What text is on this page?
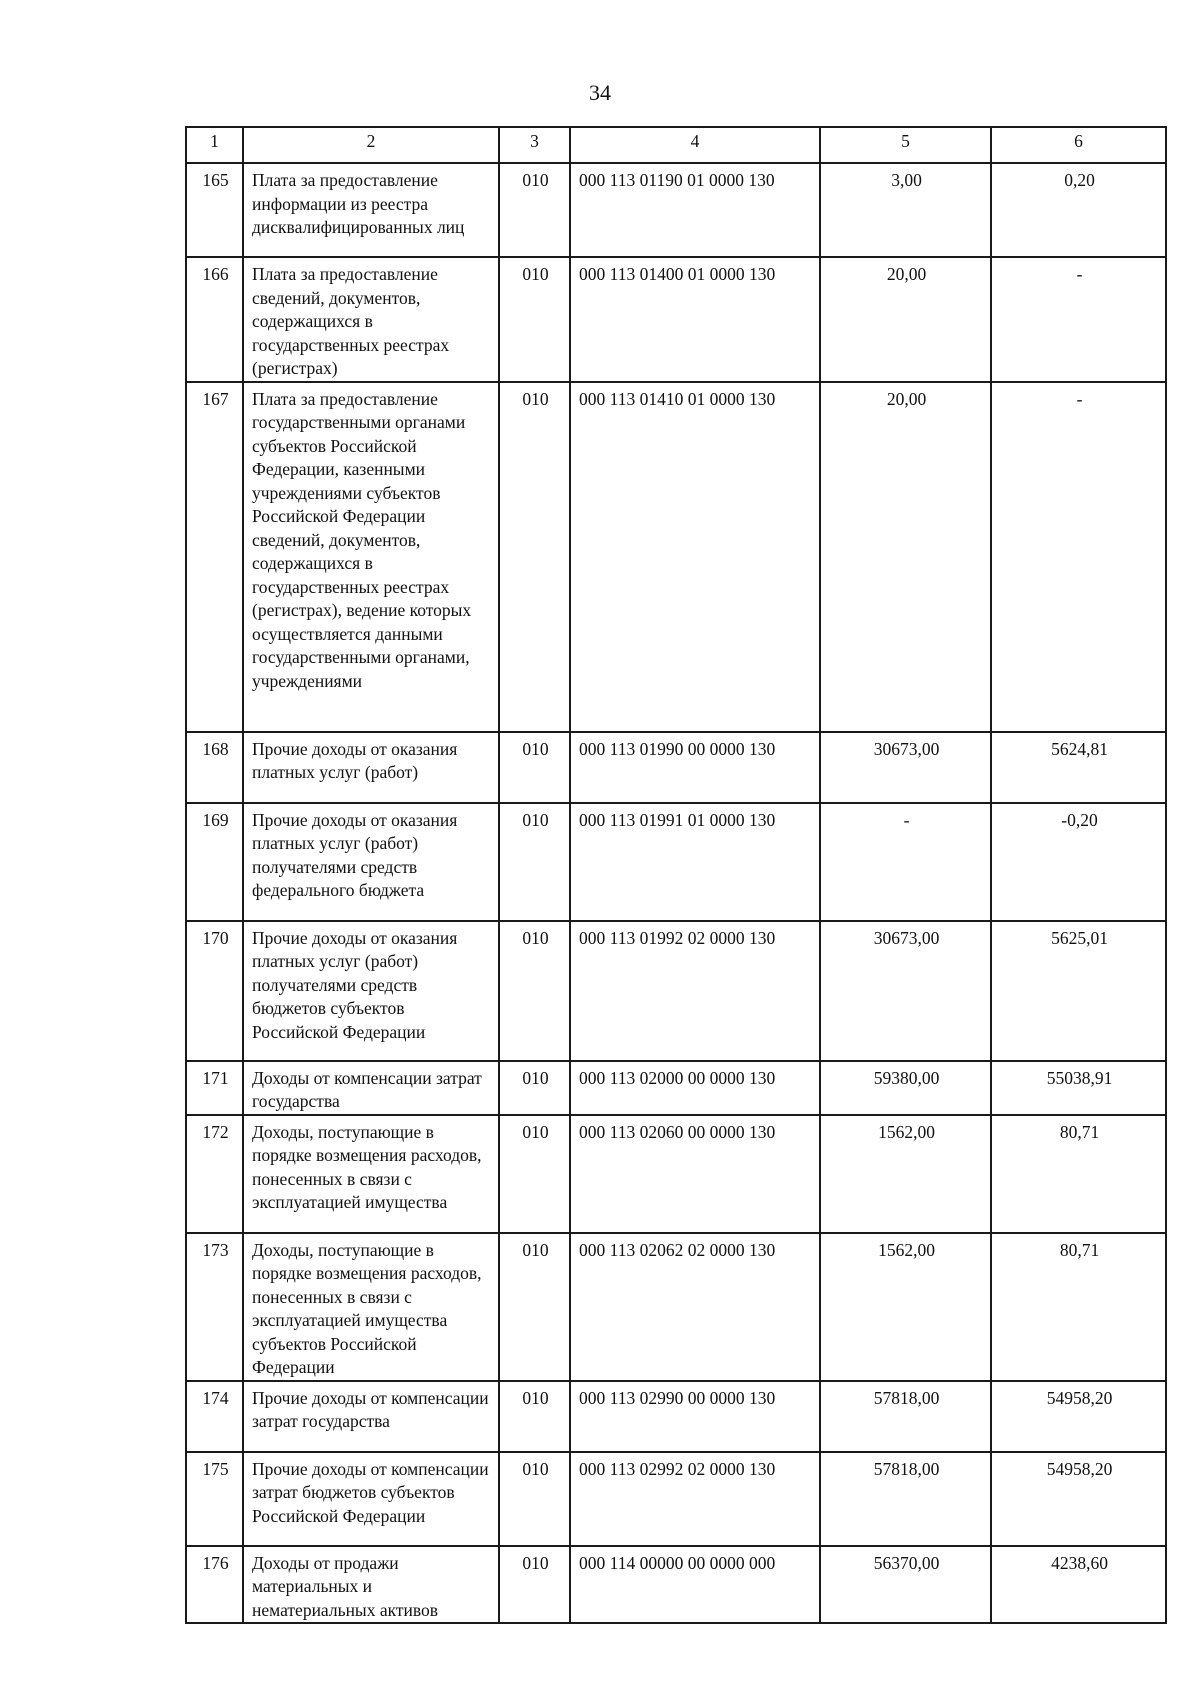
34
1	2	3	4	5	6
165	Плата за предоставление информации из реестра дисквалифицированных лиц	010	000 113 01190 01 0000 130	3,00	0,20
166	Плата за предоставление сведений, документов, содержащихся в государственных реестрах (регистрах)	010	000 113 01400 01 0000 130	20,00	-
167	Плата за предоставление государственными органами субъектов Российской Федерации, казенными учреждениями субъектов Российской Федерации сведений, документов, содержащихся в государственных реестрах (регистрах), ведение которых осуществляется данными государственными органами, учреждениями	010	000 113 01410 01 0000 130	20,00	-
168	Прочие доходы от оказания платных услуг (работ)	010	000 113 01990 00 0000 130	30673,00	5624,81
169	Прочие доходы от оказания платных услуг (работ) получателями средств федерального бюджета	010	000 113 01991 01 0000 130	-	-0,20
170	Прочие доходы от оказания платных услуг (работ) получателями средств бюджетов субъектов Российской Федерации	010	000 113 01992 02 0000 130	30673,00	5625,01
171	Доходы от компенсации затрат государства	010	000 113 02000 00 0000 130	59380,00	55038,91
172	Доходы, поступающие в порядке возмещения расходов, понесенных в связи с эксплуатацией имущества	010	000 113 02060 00 0000 130	1562,00	80,71
173	Доходы, поступающие в порядке возмещения расходов, понесенных в связи с эксплуатацией имущества субъектов Российской Федерации	010	000 113 02062 02 0000 130	1562,00	80,71
174	Прочие доходы от компенсации затрат государства	010	000 113 02990 00 0000 130	57818,00	54958,20
175	Прочие доходы от компенсации затрат бюджетов субъектов Российской Федерации	010	000 113 02992 02 0000 130	57818,00	54958,20
176	Доходы от продажи материальных и нематериальных активов	010	000 114 00000 00 0000 000	56370,00	4238,60
